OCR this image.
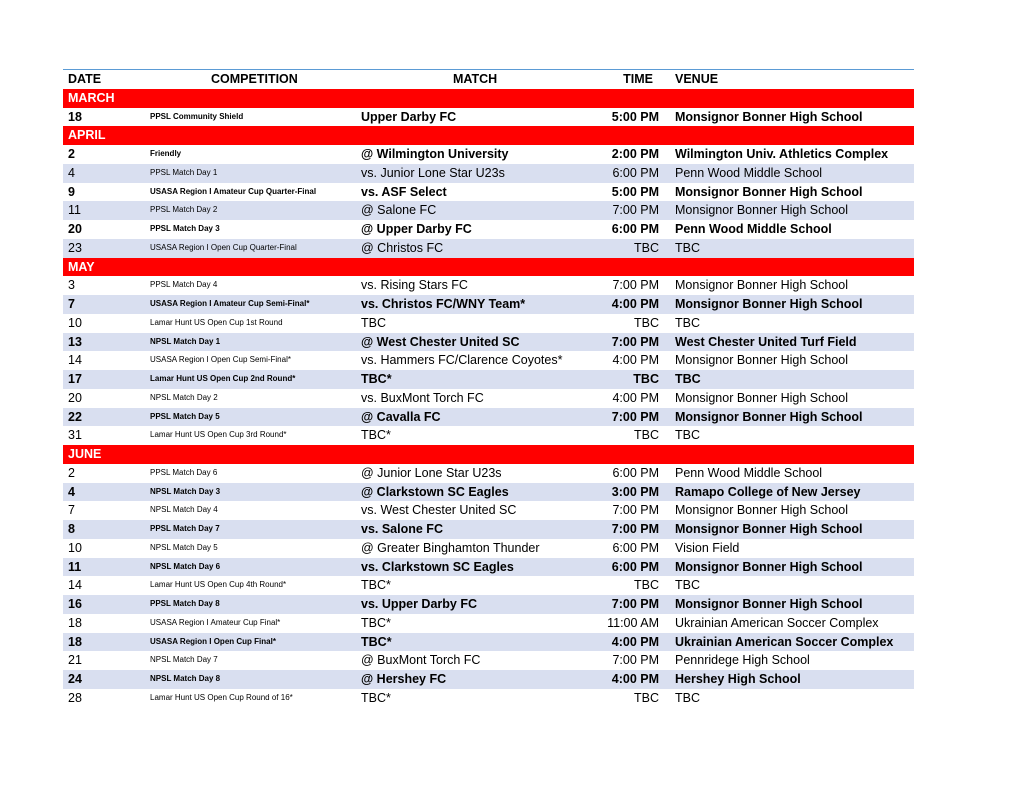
DATE	COMPETITION	MATCH	TIME VENUE
MARCH
18	PPSL Community Shield	Upper Darby FC	5:00 PM Monsignor Bonner High School
APRIL
2	Friendly	@ Wilmington University	2:00 PM Wilmington Univ. Athletics Complex
4	PPSL Match Day 1	vs. Junior Lone Star U23s	6:00 PM Penn Wood Middle School
9	USASA Region I Amateur Cup Quarter-Final	vs. ASF Select	5:00 PM Monsignor Bonner High School
11	PPSL Match Day 2	@ Salone FC	7:00 PM Monsignor Bonner High School
20	PPSL Match Day 3	@ Upper Darby FC	6:00 PM Penn Wood Middle School
23	USASA Region I Open Cup Quarter-Final	@ Christos FC	TBC TBC
MAY
3	PPSL Match Day 4	vs. Rising Stars FC	7:00 PM Monsignor Bonner High School
7	USASA Region I Amateur Cup Semi-Final*	vs. Christos FC/WNY Team*	4:00 PM Monsignor Bonner High School
10	Lamar Hunt US Open Cup 1st Round	TBC	TBC TBC
13	NPSL Match Day 1	@ West Chester United SC	7:00 PM West Chester United Turf Field
14	USASA Region I Open Cup Semi-Final*	vs. Hammers FC/Clarence Coyotes*	4:00 PM Monsignor Bonner High School
17	Lamar Hunt US Open Cup 2nd Round*	TBC*	TBC TBC
20	NPSL Match Day 2	vs. BuxMont Torch FC	4:00 PM Monsignor Bonner High School
22	PPSL Match Day 5	@ Cavalla FC	7:00 PM Monsignor Bonner High School
31	Lamar Hunt US Open Cup 3rd Round*	TBC*	TBC TBC
JUNE
2	PPSL Match Day 6	@ Junior Lone Star U23s	6:00 PM Penn Wood Middle School
4	NPSL Match Day 3	@ Clarkstown SC Eagles	3:00 PM Ramapo College of New Jersey
7	NPSL Match Day 4	vs. West Chester United SC	7:00 PM Monsignor Bonner High School
8	PPSL Match Day 7	vs. Salone FC	7:00 PM Monsignor Bonner High School
10	NPSL Match Day 5	@ Greater Binghamton Thunder	6:00 PM Vision Field
11	NPSL Match Day 6	vs. Clarkstown SC Eagles	6:00 PM Monsignor Bonner High School
14	Lamar Hunt US Open Cup 4th Round*	TBC*	TBC TBC
16	PPSL Match Day 8	vs. Upper Darby FC	7:00 PM Monsignor Bonner High School
18	USASA Region I Amateur Cup Final*	TBC*	11:00 AM Ukrainian American Soccer Complex
18	USASA Region I Open Cup Final*	TBC*	4:00 PM Ukrainian American Soccer Complex
21	NPSL Match Day 7	@ BuxMont Torch FC	7:00 PM Pennridege High School
24	NPSL Match Day 8	@ Hershey FC	4:00 PM Hershey High School
28	Lamar Hunt US Open Cup Round of 16*	TBC*	TBC TBC
